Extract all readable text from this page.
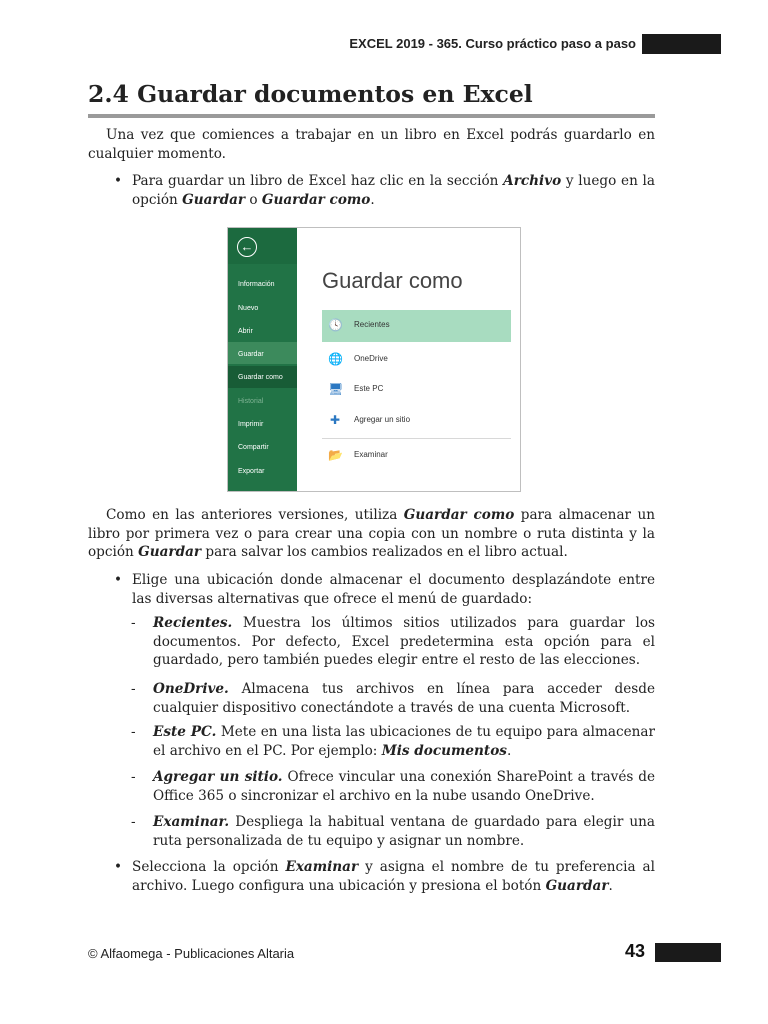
EXCEL 2019 - 365. Curso práctico paso a paso
2.4 Guardar documentos en Excel

Una vez que comiences a trabajar en un libro en Excel podrás guardarlo en cualquier momento.

• Para guardar un libro de Excel haz clic en la sección Archivo y luego en la opción Guardar o Guardar como.

←
Información
Nuevo
Abrir
Guardar
Guardar como
Historial
Imprimir
Compartir
Exportar
Guardar como
🕓 Recientes
🌐 OneDrive
🖥 Este PC
✚ Agregar un sitio
📂 Examinar

Como en las anteriores versiones, utiliza Guardar como para almacenar un libro por primera vez o para crear una copia con un nombre o ruta distinta y la opción Guardar para salvar los cambios realizados en el libro actual.

• Elige una ubicación donde almacenar el documento desplazándote entre las diversas alternativas que ofrece el menú de guardado:

- Recientes. Muestra los últimos sitios utilizados para guardar los documentos. Por defecto, Excel predetermina esta opción para el guardado, pero también puedes elegir entre el resto de las elecciones.

- OneDrive. Almacena tus archivos en línea para acceder desde cualquier dispositivo conectándote a través de una cuenta Microsoft.

- Este PC. Mete en una lista las ubicaciones de tu equipo para almacenar el archivo en el PC. Por ejemplo: Mis documentos.

- Agregar un sitio. Ofrece vincular una conexión SharePoint a través de Office 365 o sincronizar el archivo en la nube usando OneDrive.

- Examinar. Despliega la habitual ventana de guardado para elegir una ruta personalizada de tu equipo y asignar un nombre.

• Selecciona la opción Examinar y asigna el nombre de tu preferencia al archivo. Luego configura una ubicación y presiona el botón Guardar.

© Alfaomega - Publicaciones Altaria	43
